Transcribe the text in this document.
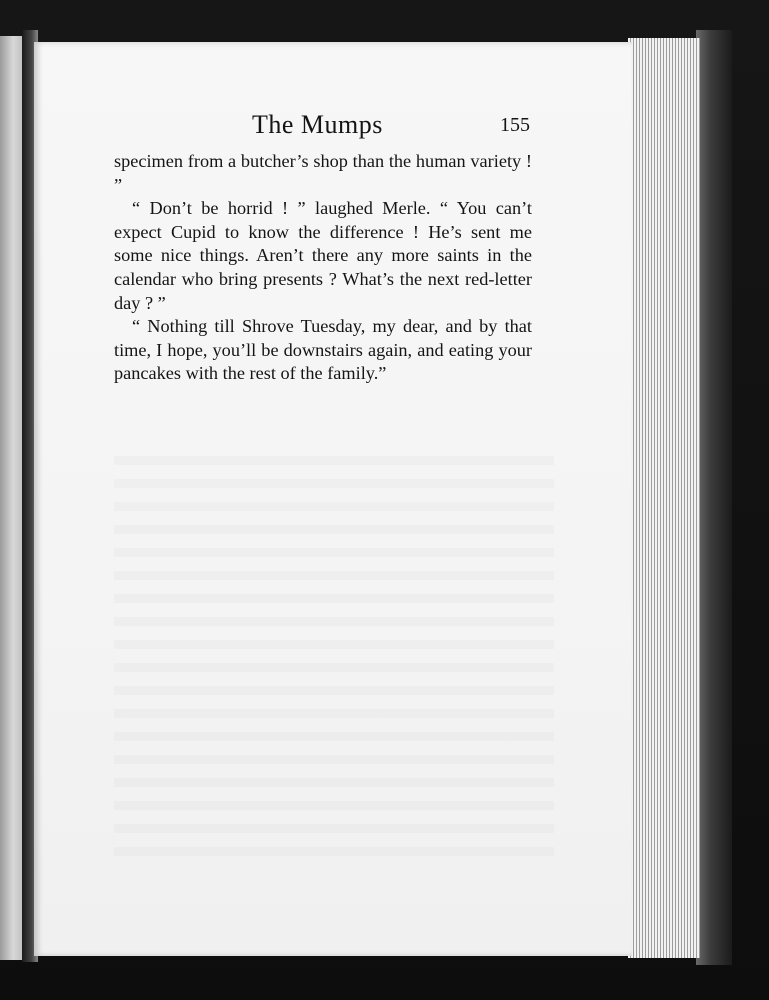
The Mumps	155

specimen from a butcher’s shop than the human variety ! ”

“ Don’t be horrid ! ” laughed Merle. “ You can’t expect Cupid to know the difference ! He’s sent me some nice things. Aren’t there any more saints in the calendar who bring presents ? What’s the next red-letter day ? ”

“ Nothing till Shrove Tuesday, my dear, and by that time, I hope, you’ll be downstairs again, and eating your pancakes with the rest of the family.”
